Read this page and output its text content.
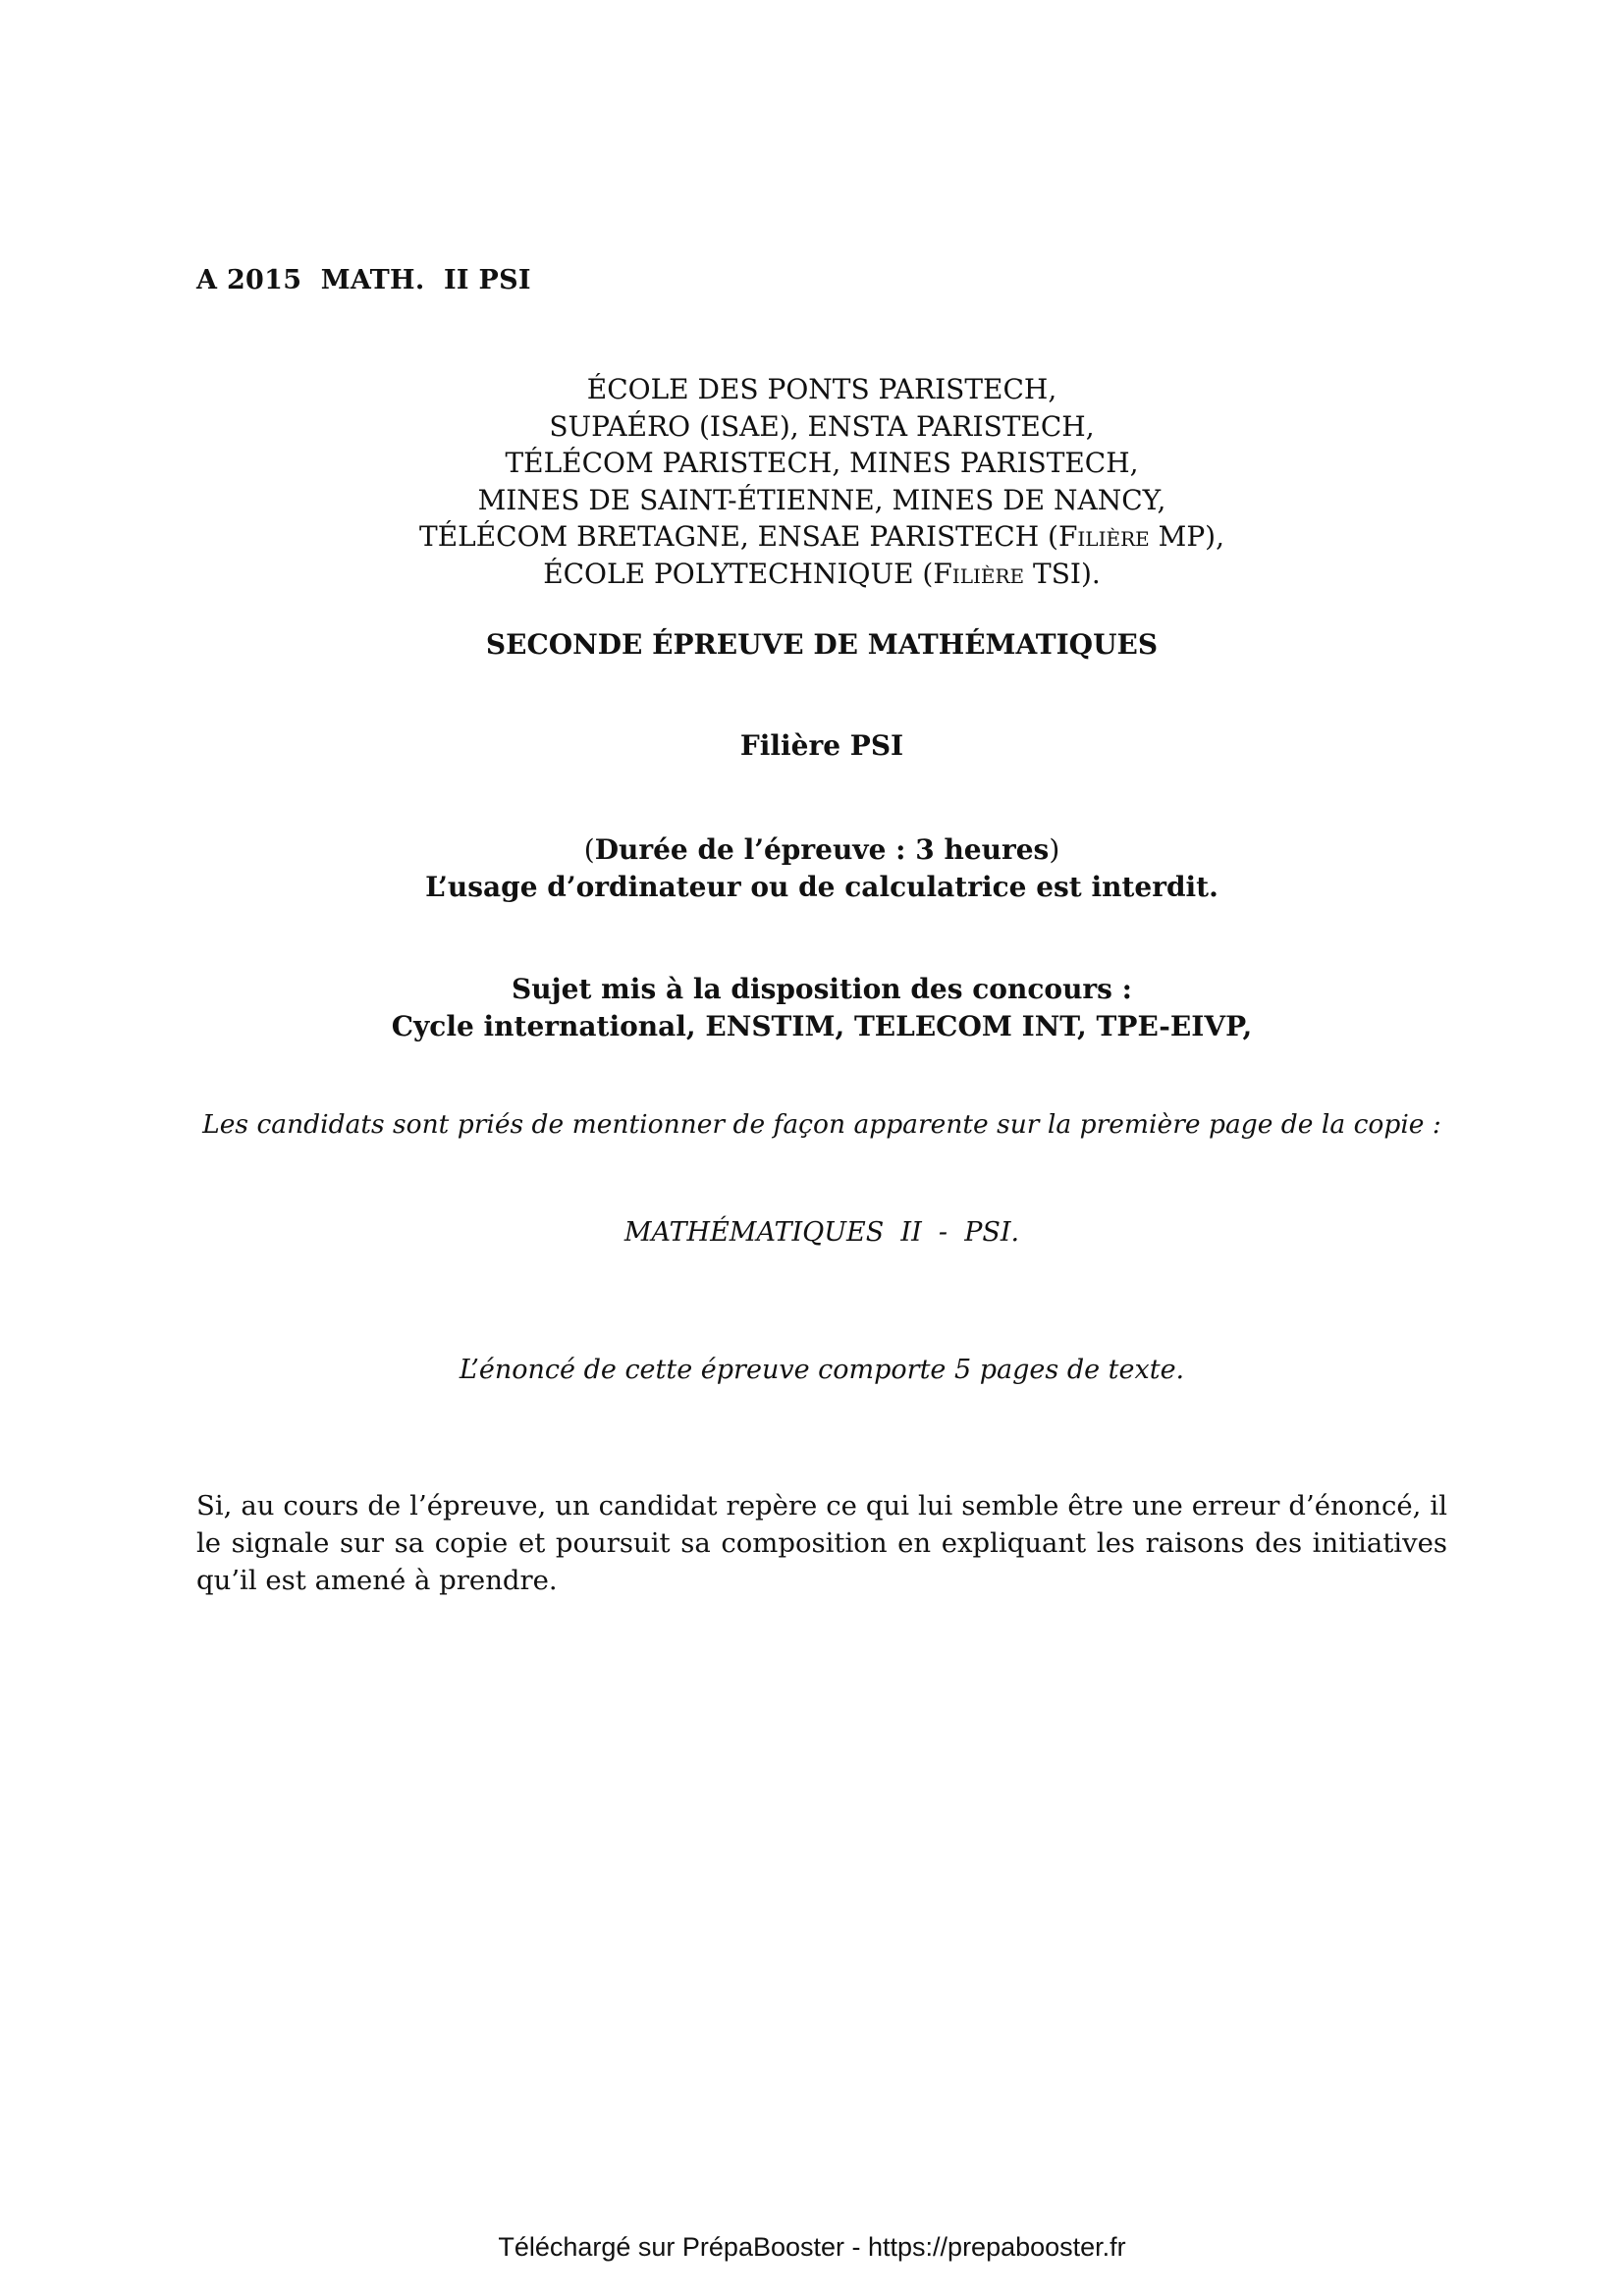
A 2015  MATH.  II PSI
ÉCOLE DES PONTS PARISTECH,
SUPAÉRO (ISAE), ENSTA PARISTECH,
TÉLÉCOM PARISTECH, MINES PARISTECH,
MINES DE SAINT-ÉTIENNE, MINES DE NANCY,
TÉLÉCOM BRETAGNE, ENSAE PARISTECH (Filière MP),
ÉCOLE POLYTECHNIQUE (Filière TSI).
SECONDE ÉPREUVE DE MATHÉMATIQUES
Filière PSI
(Durée de l’épreuve : 3 heures)
L’usage d’ordinateur ou de calculatrice est interdit.
Sujet mis à la disposition des concours :
Cycle international, ENSTIM, TELECOM INT, TPE-EIVP,
Les candidats sont priés de mentionner de façon apparente sur la première page de la copie :
MATHÉMATIQUES  II  -  PSI.
L’énoncé de cette épreuve comporte 5 pages de texte.
Si, au cours de l’épreuve, un candidat repère ce qui lui semble être une erreur d’énoncé, il le signale sur sa copie et poursuit sa composition en expliquant les raisons des initiatives qu’il est amené à prendre.
Téléchargé sur PrépaBooster - https://prepabooster.fr
